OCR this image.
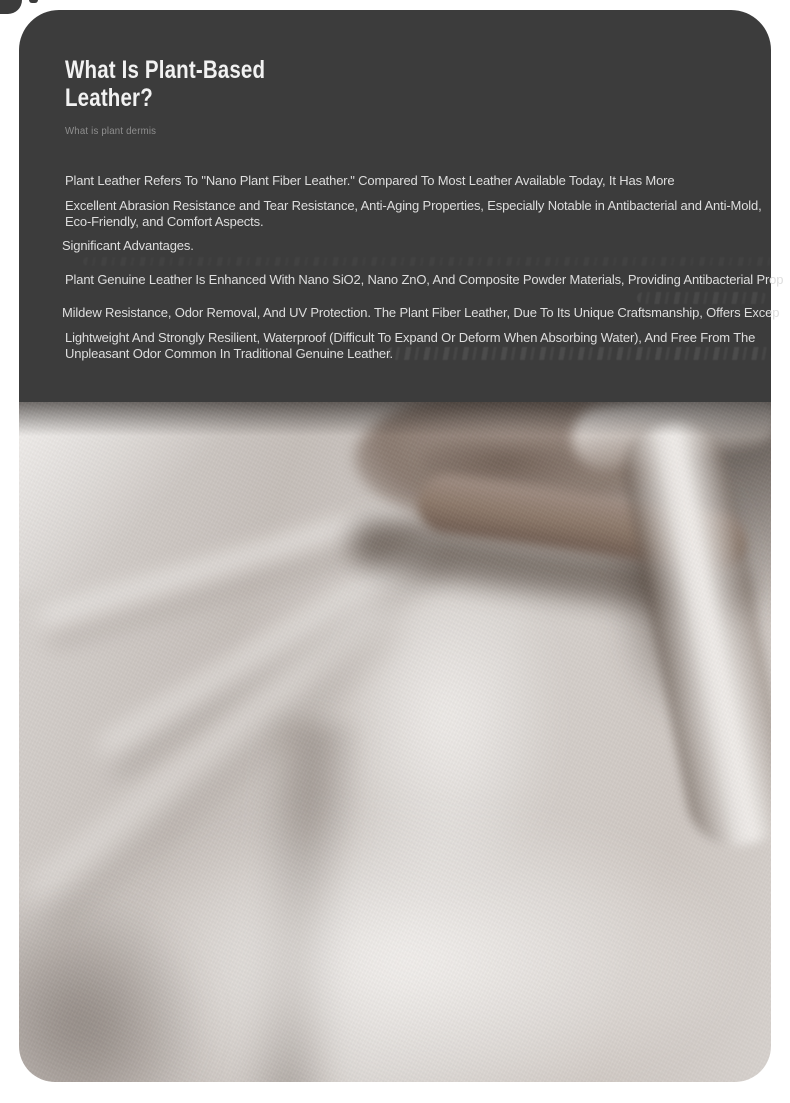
What Is Plant-Based
Leather?
What is plant dermis
Plant Leather Refers To "Nano Plant Fiber Leather." Compared To Most Leather Available Today, It Has More
Excellent Abrasion Resistance and Tear Resistance, Anti-Aging Properties, Especially Notable in Antibacterial and Anti-Mold,
Eco-Friendly, and Comfort Aspects.
Significant Advantages.
Plant Genuine Leather Is Enhanced With Nano SiO2, Nano ZnO, And Composite Powder Materials, Providing Antibacterial Prop
Mildew Resistance, Odor Removal, And UV Protection. The Plant Fiber Leather, Due To Its Unique Craftsmanship, Offers Excep
Lightweight And Strongly Resilient, Waterproof (Difficult To Expand Or Deform When Absorbing Water), And Free From The
Unpleasant Odor Common In Traditional Genuine Leather.
